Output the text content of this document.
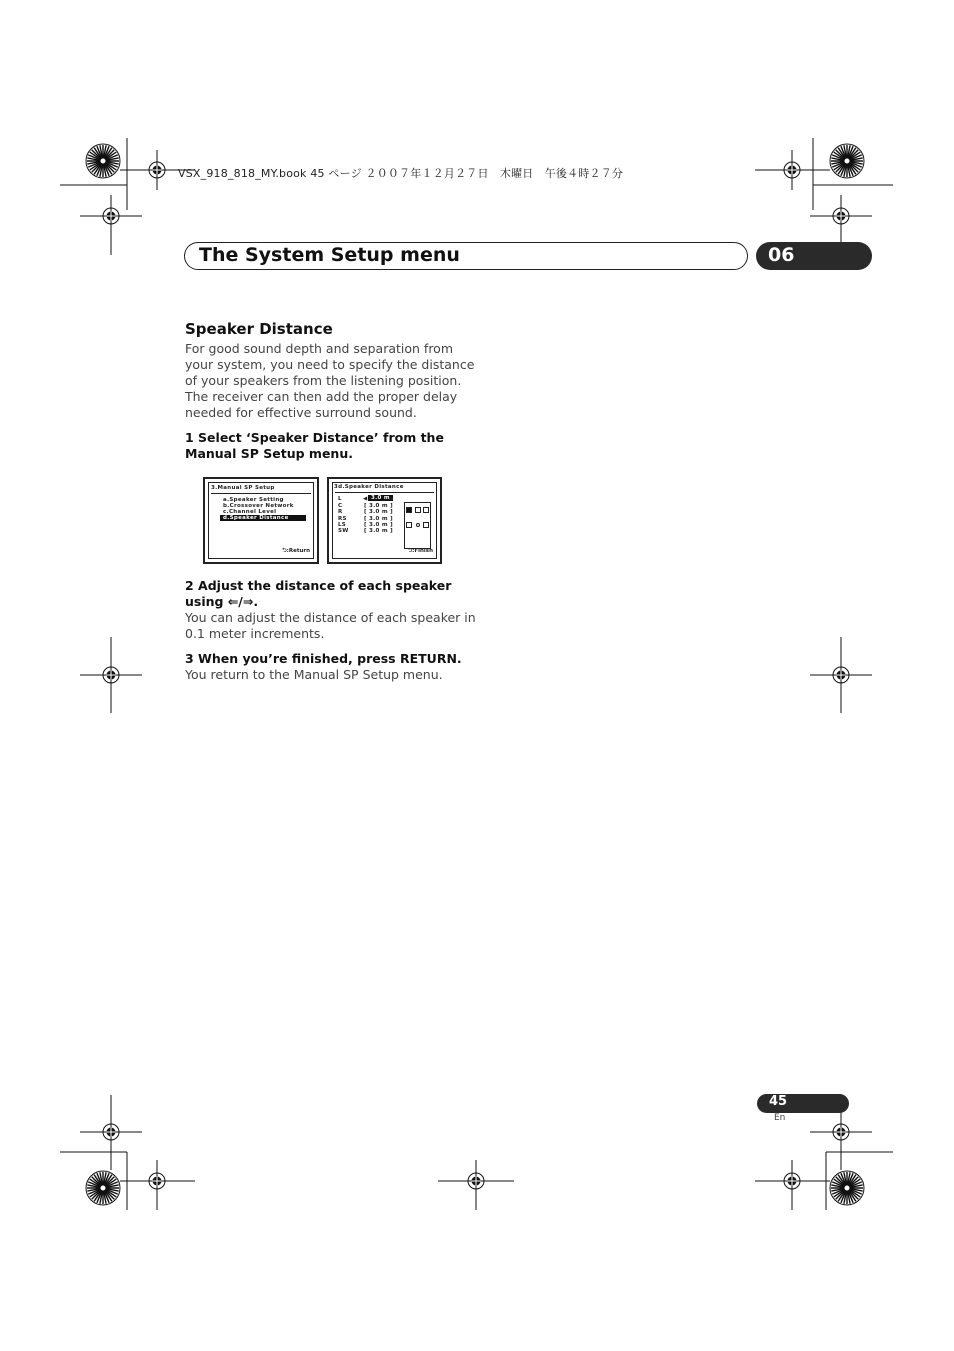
VSX_918_818_MY.book 45 ページ ２００７年１２月２７日　木曜日　午後４時２７分
The System Setup menu	06
Speaker Distance
For good sound depth and separation from
your system, you need to specify the distance
of your speakers from the listening position.
The receiver can then add the proper delay
needed for effective surround sound.
1 Select ‘Speaker Distance’ from the
Manual SP Setup menu.
3.Manual SP Setup
a.Speaker Setting
b.Crossover Network
c.Channel Level
d.Speaker Distance
⮌:Return
3d.Speaker Distance
L	◀ 3.0 m ▶
C	[ 3.0 m ]
R	[ 3.0 m ]
RS	[ 3.0 m ]
LS	[ 3.0 m ]
SW	[ 3.0 m ]
⮌:Finish
2 Adjust the distance of each speaker
using ⇐/⇒.
You can adjust the distance of each speaker in
0.1 meter increments.
3 When you’re finished, press RETURN.
You return to the Manual SP Setup menu.
45
En
